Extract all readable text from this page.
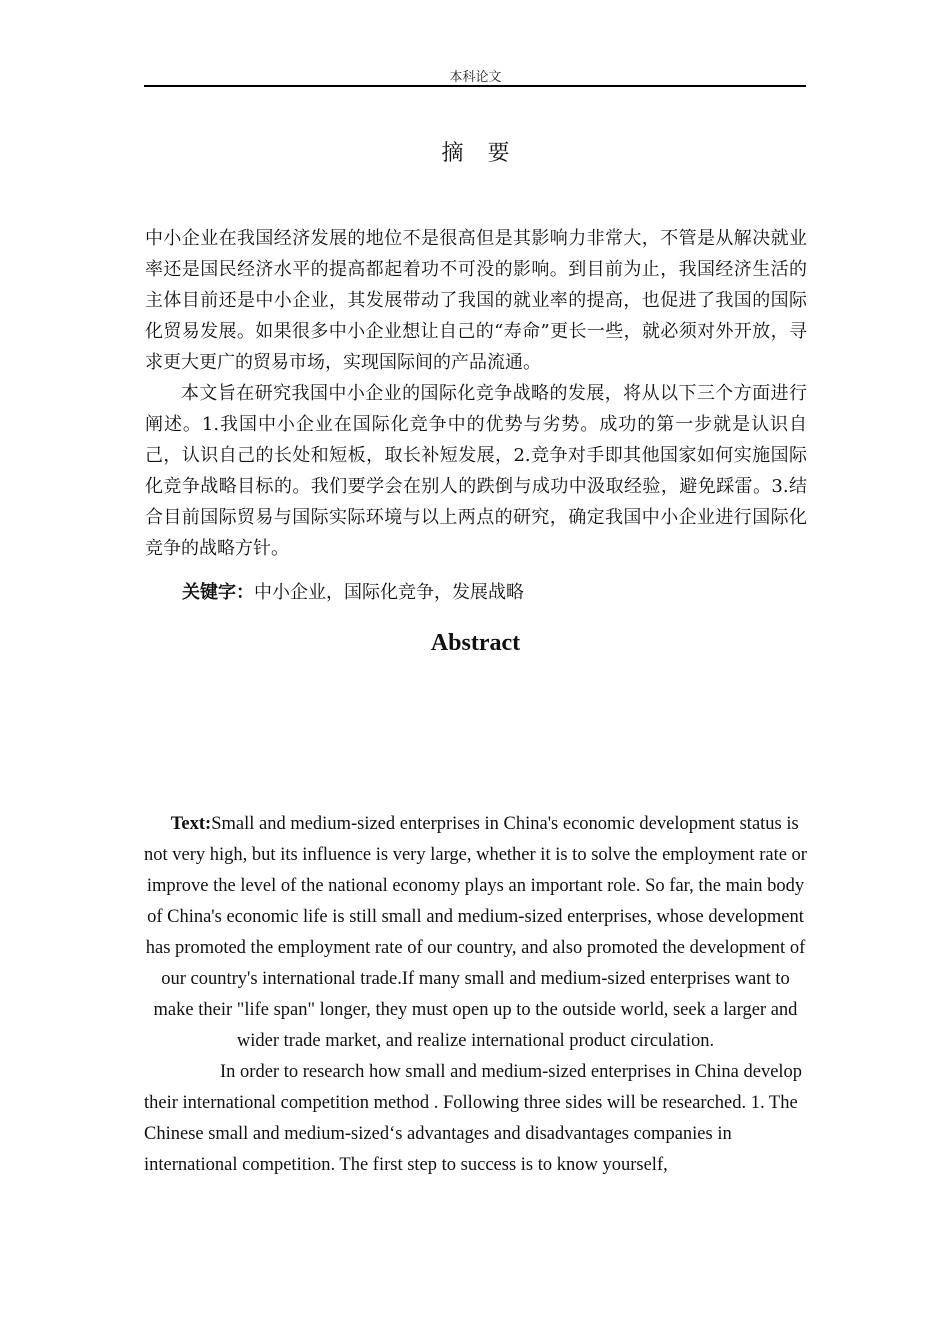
本科论文
摘要

中小企业在我国经济发展的地位不是很高但是其影响力非常大，不管是从解决就业率还是国民经济水平的提高都起着功不可没的影响。到目前为止，我国经济生活的主体目前还是中小企业，其发展带动了我国的就业率的提高，也促进了我国的国际化贸易发展。如果很多中小企业想让自己的“寿命”更长一些，就必须对外开放，寻求更大更广的贸易市场，实现国际间的产品流通。

本文旨在研究我国中小企业的国际化竞争战略的发展，将从以下三个方面进行阐述。1.我国中小企业在国际化竞争中的优势与劣势。成功的第一步就是认识自己，认识自己的长处和短板，取长补短发展，2.竞争对手即其他国家如何实施国际化竞争战略目标的。我们要学会在别人的跌倒与成功中汲取经验，避免踩雷。3.结合目前国际贸易与国际实际环境与以上两点的研究，确定我国中小企业进行国际化竞争的战略方针。

关键字：中小企业，国际化竞争，发展战略
Abstract

Text:Small and medium-sized enterprises in China's economic development status is not very high, but its influence is very large, whether it is to solve the employment rate or improve the level of the national economy plays an important role. So far, the main body of China's economic life is still small and medium-sized enterprises, whose development has promoted the employment rate of our country, and also promoted the development of our country's international trade.If many small and medium-sized enterprises want to make their "life span" longer, they must open up to the outside world, seek a larger and wider trade market, and realize international product circulation.

In order to research how small and medium-sized enterprises in China develop their international competition method . Following three sides will be researched. 1. The Chinese small and medium-sized‘s advantages and disadvantages companies in international competition. The first step to success is to know yourself,
